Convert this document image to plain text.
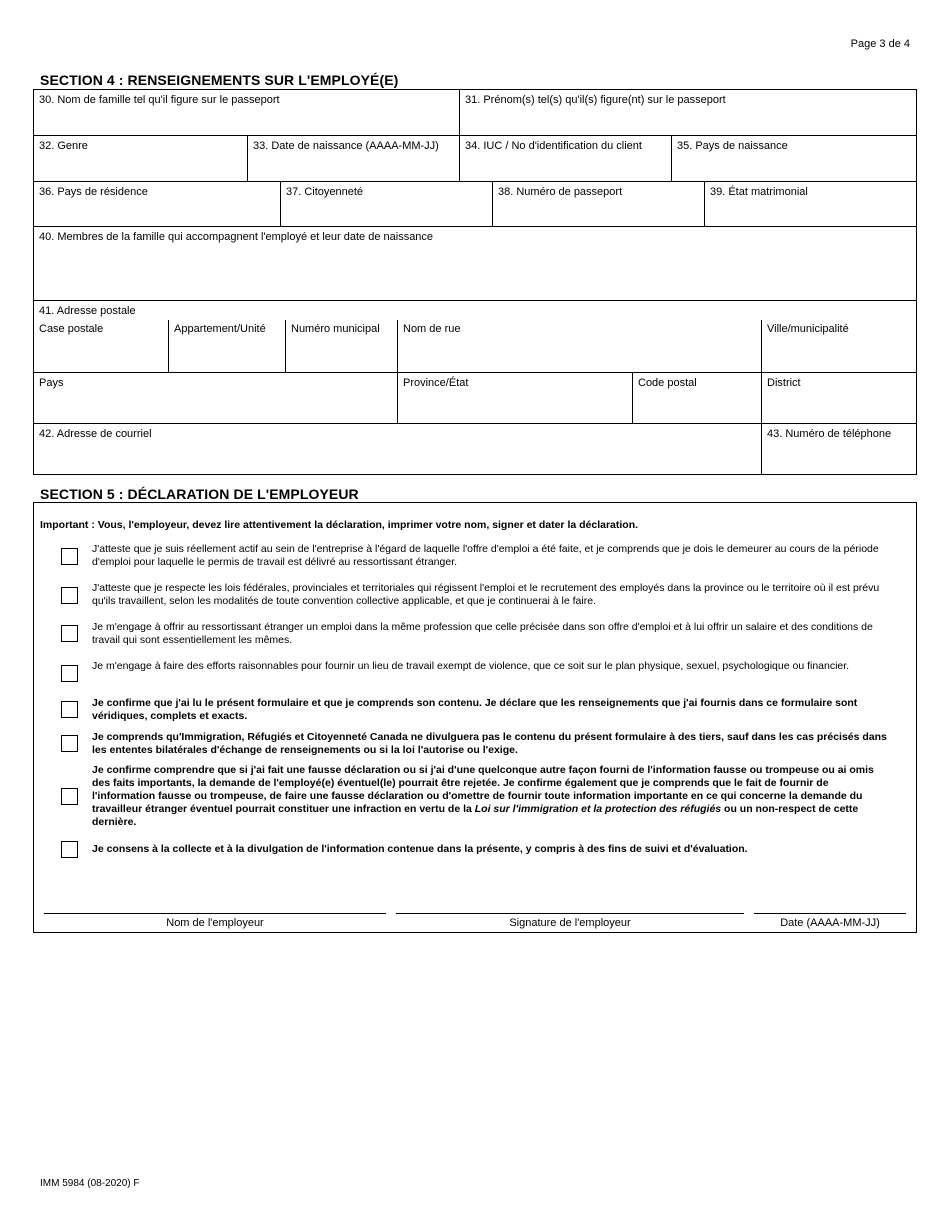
Page 3 de 4
SECTION 4 : RENSEIGNEMENTS SUR L'EMPLOYÉ(E)
30. Nom de famille tel qu'il figure sur le passeport	31. Prénom(s) tel(s) qu'il(s) figure(nt) sur le passeport
32. Genre	33. Date de naissance (AAAA-MM-JJ)	34. IUC / No d'identification du client	35. Pays de naissance
36. Pays de résidence	37. Citoyenneté	38. Numéro de passeport	39. État matrimonial
40. Membres de la famille qui accompagnent l'employé et leur date de naissance
41. Adresse postale
Case postale	Appartement/Unité	Numéro municipal	Nom de rue	Ville/municipalité
Pays	Province/État	Code postal	District
42. Adresse de courriel	43. Numéro de téléphone
SECTION 5 : DÉCLARATION DE L'EMPLOYEUR
Important : Vous, l'employeur, devez lire attentivement la déclaration, imprimer votre nom, signer et dater la déclaration.
J'atteste que je suis réellement actif au sein de l'entreprise à l'égard de laquelle l'offre d'emploi a été faite, et je comprends que je dois le demeurer au cours de la période d'emploi pour laquelle le permis de travail est délivré au ressortissant étranger.
J'atteste que je respecte les lois fédérales, provinciales et territoriales qui régissent l'emploi et le recrutement des employés dans la province ou le territoire où il est prévu qu'ils travaillent, selon les modalités de toute convention collective applicable, et que je continuerai à le faire.
Je m'engage à offrir au ressortissant étranger un emploi dans la même profession que celle précisée dans son offre d'emploi et à lui offrir un salaire et des conditions de travail qui sont essentiellement les mêmes.
Je m'engage à faire des efforts raisonnables pour fournir un lieu de travail exempt de violence, que ce soit sur le plan physique, sexuel, psychologique ou financier.
Je confirme que j'ai lu le présent formulaire et que je comprends son contenu. Je déclare que les renseignements que j'ai fournis dans ce formulaire sont véridiques, complets et exacts.
Je comprends qu'Immigration, Réfugiés et Citoyenneté Canada ne divulguera pas le contenu du présent formulaire à des tiers, sauf dans les cas précisés dans les ententes bilatérales d'échange de renseignements ou si la loi l'autorise ou l'exige.
Je confirme comprendre que si j'ai fait une fausse déclaration ou si j'ai d'une quelconque autre façon fourni de l'information fausse ou trompeuse ou ai omis des faits importants, la demande de l'employé(e) éventuel(le) pourrait être rejetée. Je confirme également que je comprends que le fait de fournir de l'information fausse ou trompeuse, de faire une fausse déclaration ou d'omettre de fournir toute information importante en ce qui concerne la demande du travailleur étranger éventuel pourrait constituer une infraction en vertu de la Loi sur l'immigration et la protection des réfugiés ou un non-respect de cette dernière.
Je consens à la collecte et à la divulgation de l'information contenue dans la présente, y compris à des fins de suivi et d'évaluation.
Nom de l'employeur	Signature de l'employeur	Date (AAAA-MM-JJ)
IMM 5984 (08-2020) F
